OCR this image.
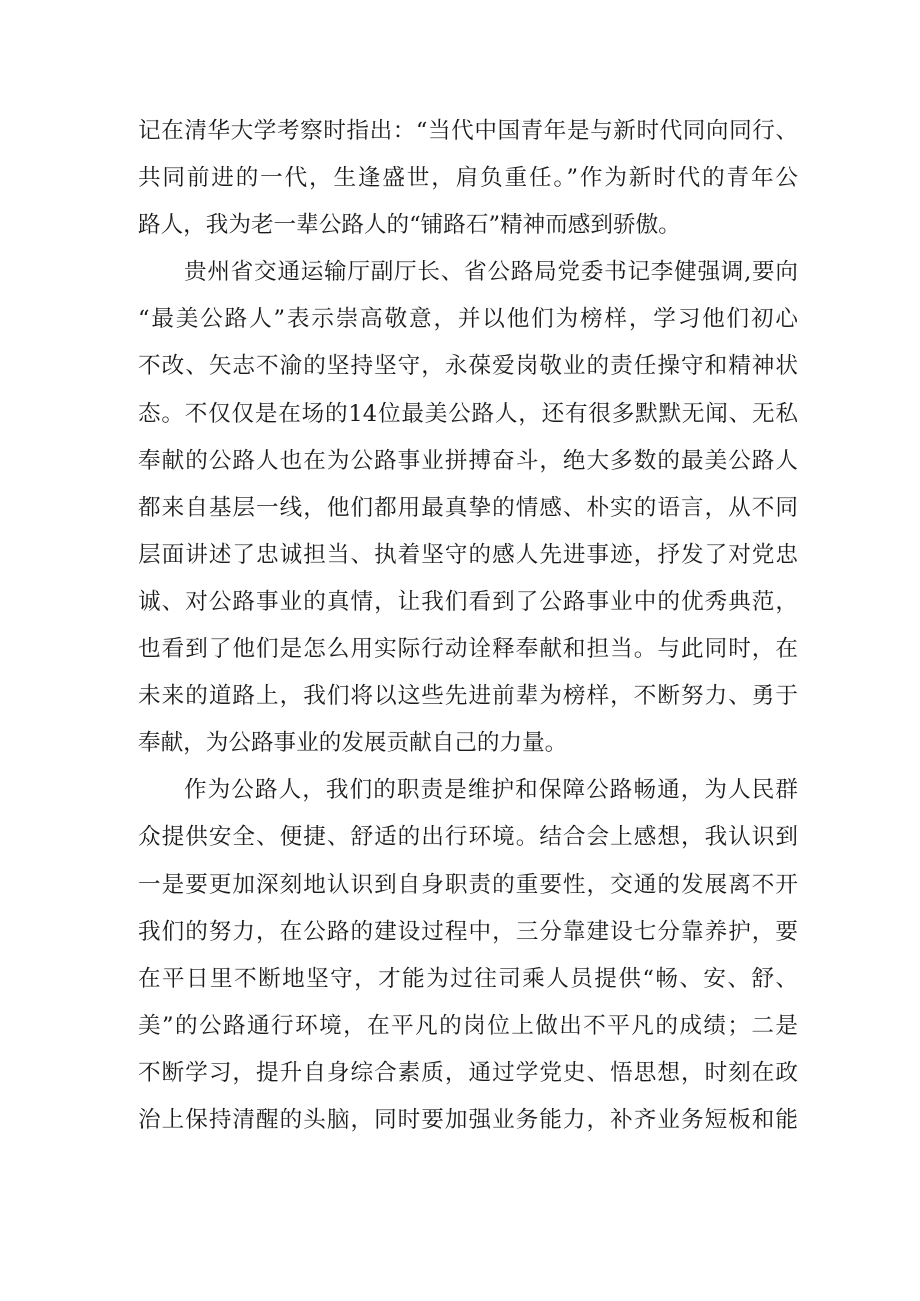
记在清华大学考察时指出：“当代中国青年是与新时代同向同行、
共同前进的一代，生逢盛世，肩负重任。”作为新时代的青年公
路人，我为老一辈公路人的“铺路石”精神而感到骄傲。
贵州省交通运输厅副厅长、省公路局党委书记李健强调,要向
“最美公路人”表示崇高敬意，并以他们为榜样，学习他们初心
不改、矢志不渝的坚持坚守，永葆爱岗敬业的责任操守和精神状
态。不仅仅是在场的14位最美公路人，还有很多默默无闻、无私
奉献的公路人也在为公路事业拼搏奋斗，绝大多数的最美公路人
都来自基层一线，他们都用最真挚的情感、朴实的语言，从不同
层面讲述了忠诚担当、执着坚守的感人先进事迹，抒发了对党忠
诚、对公路事业的真情，让我们看到了公路事业中的优秀典范，
也看到了他们是怎么用实际行动诠释奉献和担当。与此同时，在
未来的道路上，我们将以这些先进前辈为榜样，不断努力、勇于
奉献，为公路事业的发展贡献自己的力量。
作为公路人，我们的职责是维护和保障公路畅通，为人民群
众提供安全、便捷、舒适的出行环境。结合会上感想，我认识到
一是要更加深刻地认识到自身职责的重要性，交通的发展离不开
我们的努力，在公路的建设过程中，三分靠建设七分靠养护，要
在平日里不断地坚守，才能为过往司乘人员提供“畅、安、舒、
美”的公路通行环境，在平凡的岗位上做出不平凡的成绩；二是
不断学习，提升自身综合素质，通过学党史、悟思想，时刻在政
治上保持清醒的头脑，同时要加强业务能力，补齐业务短板和能
